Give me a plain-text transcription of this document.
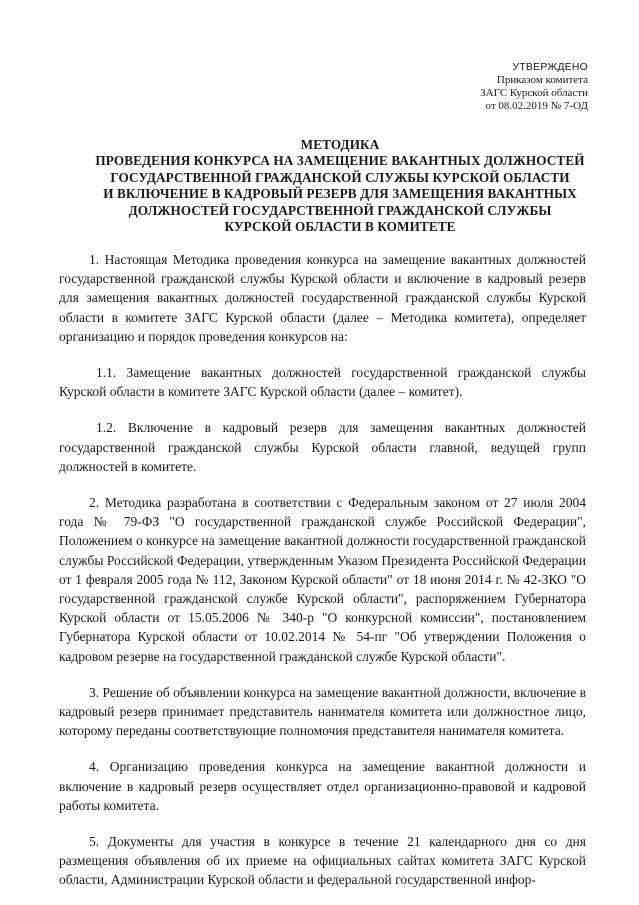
УТВЕРЖДЕНО
Приказом комитета
ЗАГС Курской области
от 08.02.2019 № 7-ОД
МЕТОДИКА
ПРОВЕДЕНИЯ КОНКУРСА НА ЗАМЕЩЕНИЕ ВАКАНТНЫХ ДОЛЖНОСТЕЙ
ГОСУДАРСТВЕННОЙ ГРАЖДАНСКОЙ СЛУЖБЫ КУРСКОЙ ОБЛАСТИ
И ВКЛЮЧЕНИЕ В КАДРОВЫЙ РЕЗЕРВ ДЛЯ ЗАМЕЩЕНИЯ ВАКАНТНЫХ
ДОЛЖНОСТЕЙ ГОСУДАРСТВЕННОЙ ГРАЖДАНСКОЙ СЛУЖБЫ
КУРСКОЙ ОБЛАСТИ В КОМИТЕТЕ

1. Настоящая Методика проведения конкурса на замещение вакантных должностей государственной гражданской службы Курской области и включение в кадровый резерв для замещения вакантных должностей государственной гражданской службы Курской области в комитете ЗАГС Курской области (далее – Методика комитета), определяет организацию и порядок проведения конкурсов на:

1.1. Замещение вакантных должностей государственной гражданской службы Курской области в комитете ЗАГС Курской области (далее – комитет).

1.2. Включение в кадровый резерв для замещения вакантных должностей государственной гражданской службы Курской области главной, ведущей групп должностей в комитете.

2. Методика разработана в соответствии с Федеральным законом от 27 июля 2004 года № 79-ФЗ "О государственной гражданской службе Российской Федерации", Положением о конкурсе на замещение вакантной должности государственной гражданской службы Российской Федерации, утвержденным Указом Президента Российской Федерации от 1 февраля 2005 года № 112, Законом Курской области" от 18 июня 2014 г. № 42-ЗКО "О государственной гражданской службе Курской области", распоряжением Губернатора Курской области от 15.05.2006 № 340-р "О конкурсной комиссии", постановлением Губернатора Курской области от 10.02.2014 № 54-пг "Об утверждении Положения о кадровом резерве на государственной гражданской службе Курской области".

3. Решение об объявлении конкурса на замещение вакантной должности, включение в кадровый резерв принимает представитель нанимателя комитета или должностное лицо, которому переданы соответствующие полномочия представителя нанимателя комитета.

4. Организацию проведения конкурса на замещение вакантной должности и включение в кадровый резерв осуществляет отдел организационно-правовой и кадровой работы комитета.

5. Документы для участия в конкурсе в течение 21 календарного дня со дня размещения объявления об их приеме на официальных сайтах комитета ЗАГС Курской области, Администрации Курской области и федеральной государственной инфор-
